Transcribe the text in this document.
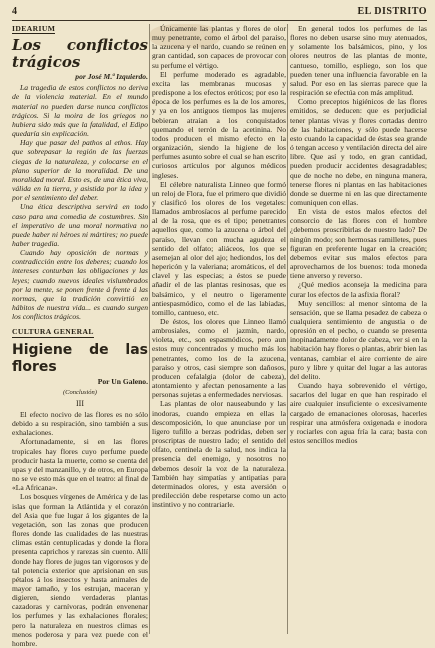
4	EL DISTRITO
IDEARIUM
Los conflictos trágicos
por José M.ª Izquierdo.

La tragedia de estos conflictos no deriva de la violencia material. En el mundo material no pueden darse nunca conflictos trágicos. Si la moira de los griegos no hubiera sido más que la fatalidad, el Edipo quedaría sin explicación.

Hay que pasar del pathos al ethos. Hay que sobrepasar la región de las fuerzas ciegas de la naturaleza, y colocarse en el plano superior de la moralidad. De una moralidad moral. Esto es, de una ética viva, válida en la tierra, y asistida por la idea y por el sentimiento del deber.

Una ética descriptiva servirá en todo caso para una comedia de costumbres. Sin el imperativo de una moral normativa no puede haber ni héroes ni mártires; no puede haber tragedia.

Cuando hay oposición de normas y contradicción entre los deberes; cuando los intereses conturban las obligaciones y las leyes; cuando nuevos ideales vislumbrados por la mente, se ponen frente á frente á las normas, que la tradición convirtió en hábitos de nuestra vida... es cuando surgen los conflictos trágicos.

CULTURA GENERAL
Higiene de las flores
Por Un Galeno.
(Conclusión)
III

El efecto nocivo de las flores es no sólo debido a su respiración, sino también a sus exhalaciones.

Afortunadamente, si en las flores tropicales hay flores cuyo perfume puede producir hasta la muerte, como se cuenta del upas y del manzanillo, y de otros, en Europa no se ve esto más que en el teatro: al final de «La Africana».

Los bosques vírgenes de América y de las islas que forman la Atlántida y el corazón del Asia que fue lugar á los gigantes de la vegetación, son las zonas que producen flores donde las cualidades de las nuestras climas están centuplicadas y donde la flora presenta caprichos y rarezas sin cuento. Allí donde hay flores de jugos tan vigorosos y de tal potencia exterior que aprisionan en sus pétalos á los insectos y hasta animales de mayor tamaño, y los estrujan, maceran y digieren, siendo verdaderas plantas cazadoras y carnívoras, podrán envenenar los perfumes y las exhalaciones florales; pero la naturaleza en nuestros climas es menos poderosa y para vez puede con el hombre.

Únicamente las plantas y flores de olor muy penetrante, como el árbol del paraíso, la azucena y el nardo, cuando se reúnen en gran cantidad, son capaces de provocar con su perfume el vértigo.

El perfume moderado es agradable, excita las membranas mucosas y predispone a los efectos eróticos; por eso la época de los perfumes es la de los amores, y ya en los antiguos tiempos las mujeres bebieran atraían a los conquistados quemando el terrón de la acetinina. No todos producen el mismo efecto en la organización, siendo la higiene de los perfumes asunto sobre el cual se han escrito curiosos artículos por algunos médicos ingleses.

El célebre naturalista Linneo que formó un reloj de Flora, fue el primero que dividió y clasificó los olores de los vegetales: llamados ambrosíacos al perfume parecido al de la rosa, que es el tipo; penetrantes aquellos que, como la azucena o árbol del paraíso, llevan con mucha agudeza el sentido del olfato; aliáceos, los que se asemejan al olor del ajo; hediondos, los del hepericón y la valeriana; aromáticos, el del clavel y las especias; a éstos se puede añadir el de las plantas resinosas, que es balsámico, y el neutro o ligeramente antiespasmódico, como el de las labiadas, tomillo, cantueso, etc.

De éstos, los olores que Linneo llamó ambrosiales, como el jazmín, nardo, violeta, etc., son espasmódicos, pero aun estos muy concentrados y mucho más los penetrantes, como los de la azucena, paraíso y otros, casi siempre son dañosos, producen cefalalgia (dolor de cabeza), atontamiento y afectan penosamente a las personas sujetas a enfermedades nerviosas.

Las plantas de olor nauseabundo y las inodoras, cuando empieza en ellas la descomposición, lo que anunciase por un ligero tufillo a berzas podridas, deben ser proscriptas de nuestro lado; el sentido del olfato, centinela de la salud, nos indica la presencia del enemigo, y nosotros no debemos desoír la voz de la naturaleza. También hay simpatías y antipatías para determinados olores, y esta aversión o predilección debe respetarse como un acto instintivo y no contrariarle.

En general todos los perfumes de las flores no deben usarse sino muy atenuados, y solamente los balsámicos, pino, y los olores neutros de las plantas de monte, cantueso, tomillo, espliego, son los que pueden tener una influencia favorable en la salud. Por eso en las sierras parece que la respiración se efectúa con más amplitud.

Como preceptos higiénicos de las flores emitidos, se deducen: que es perjudicial tener plantas vivas y flores cortadas dentro de las habitaciones, y sólo puede hacerse esto cuando la capacidad de éstas sea grande ó tengan acceso y ventilación directa del aire libre. Que así y todo, en gran cantidad, pueden producir accidentes desagradables; que de noche no debe, en ninguna manera, tenerse flores ni plantas en las habitaciones donde se duerme ni en las que directamente comuniquen con ellas.

En vista de estos malos efectos del consorcio de las flores con el hombre ¿debemos proscribirlas de nuestro lado? De ningún modo; son hermosas ramilletes, pues figuran en preferente lugar en la creación; debemos evitar sus malos efectos para aprovecharnos de los buenos: toda moneda tiene anverso y reverso.

¿Qué medios aconseja la medicina para curar los efectos de la asfixia floral?

Muy sencillos: al menor síntoma de la sensación, que se llama pesadez de cabeza o cualquiera sentimiento de angustia o de opresión en el pecho, o cuando se presenta inopinadamente dolor de cabeza, ver si en la habitación hay flores o plantas, abrir bien las ventanas, cambiar el aire corriente de aire puro y libre y quitar del lugar a las autoras del delito.

Cuando haya sobrevenido el vértigo, sacarlos del lugar en que han respirado el aire cualquier insuficiente o excesivamente cargado de emanaciones olorosas, hacerles respirar una atmósfera oxigenada e inodora y rociarles con agua fría la cara; basta con estos sencillos medios
